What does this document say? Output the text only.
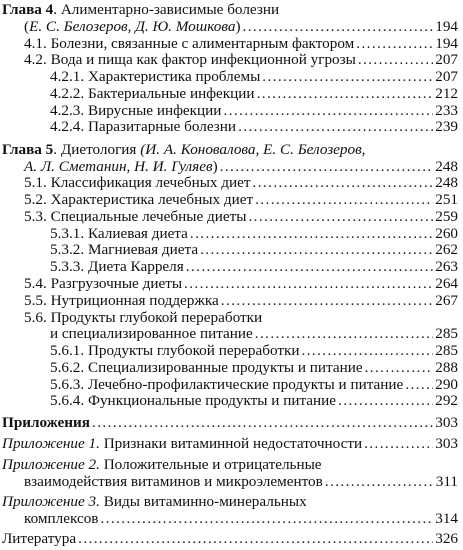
Глава 4. Алиментарно-зависимые болезни
(Е. С. Белозеров, Д. Ю. Мошкова) . . .	194
4.1. Болезни, связанные с алиментарным фактором . . .	194
4.2. Вода и пища как фактор инфекционной угрозы . . .	207
4.2.1. Характеристика проблемы . . .	207
4.2.2. Бактериальные инфекции . . .	212
4.2.3. Вирусные инфекции . . .	233
4.2.4. Паразитарные болезни . . .	239
Глава 5. Диетология (И. А. Коновалова, Е. С. Белозеров,
А. Л. Сметанин, Н. И. Гуляев) . . .	248
5.1. Классификация лечебных диет . . .	248
5.2. Характеристика лечебных диет . . .	251
5.3. Специальные лечебные диеты . . .	259
5.3.1. Калиевая диета . . .	260
5.3.2. Магниевая диета . . .	262
5.3.3. Диета Карреля . . .	263
5.4. Разгрузочные диеты . . .	264
5.5. Нутриционная поддержка . . .	267
5.6. Продукты глубокой переработки
и специализированное питание . . .	285
5.6.1. Продукты глубокой переработки . . .	285
5.6.2. Специализированные продукты и питание . . .	288
5.6.3. Лечебно-профилактические продукты и питание . . . 290
5.6.4. Функциональные продукты и питание . . .	292
Приложения . . .	303
Приложение 1. Признаки витаминной недостаточности . . .	303
Приложение 2. Положительные и отрицательные
взаимодействия витаминов и микроэлементов . . .	311
Приложение 3. Виды витаминно-минеральных
комплексов . . .	314
Литература . . .	326
